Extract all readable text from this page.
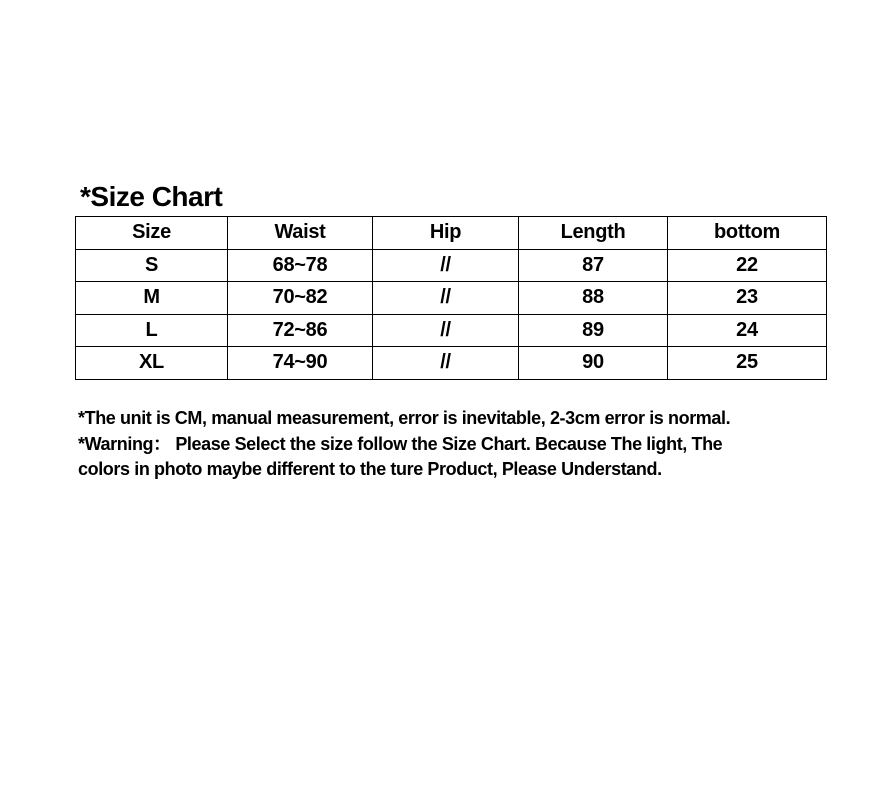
*Size Chart
Size	Waist	Hip	Length	bottom
S	68~78	//	87	22
M	70~82	//	88	23
L	72~86	//	89	24
XL	74~90	//	90	25
*The unit is CM, manual measurement, error is inevitable, 2-3cm error is normal.
*Warning： Please Select the size follow the Size Chart. Because The light, The
colors in photo maybe different to the ture Product, Please Understand.
